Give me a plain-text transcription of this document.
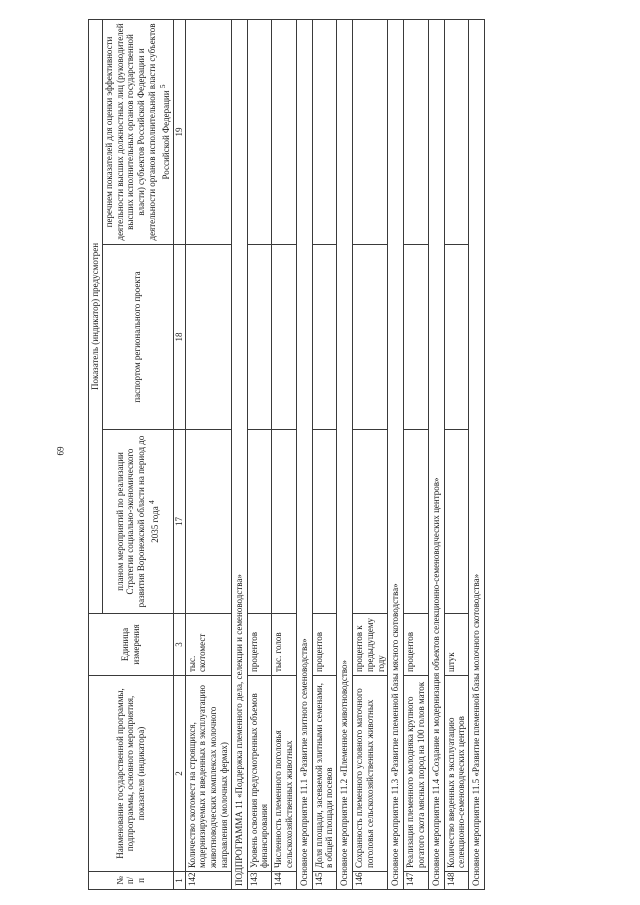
69
№ п/п	Наименование государственной программы, подпрограммы, основного мероприятия, показателя (индикатора)	Единица измерения	Показатель (индикатор) предусмотрен		
			планом мероприятий по реализации Стратегии социально-экономического развития Воронежской области на период до 2035 года $^4$	паспортом регионального проекта	перечнем показателей для оценки эффективности деятельности высших должностных лиц (руководителей высших исполнительных органов государственной власти) субъектов Российской Федерации и деятельности органов исполнительной власти субъектов Российской Федерации $^5$
1	2	3	17	18	19
142	Количество скотомест на строящихся, модернизируемых и введенных в эксплуатацию животноводческих комплексах молочного направления (молочных фермах)	тыс. скотомест			
ПОДПРОГРАММА 11 «Поддержка племенного дела, селекции и семеноводства»					
143	Уровень освоения предусмотренных объемов финансирования	процентов			
144	Численность племенного поголовья сельскохозяйственных животных	тыс. голов			
Основное мероприятие 11.1 «Развитие элитного семеноводства»					
145	Доля площади, засеваемой элитными семенами, в общей площади посевов	процентов			
Основное мероприятие 11.2 «Племенное животноводство»					
146	Сохранность племенного условного маточного поголовья сельскохозяйственных животных	процентов к предыдущему году			
Основное мероприятие 11.3 «Развитие племенной базы мясного скотоводства»					
147	Реализация племенного молодняка крупного рогатого скота мясных пород на 100 голов маток	процентов			
Основное мероприятие 11.4 «Создание и модернизация объектов селекционно-семеноводческих центров»					
148	Количество введенных в эксплуатацию селекционно-семеноводческих центров	штук			
Основное мероприятие 11.5 «Развитие племенной базы молочного скотоводства»					
